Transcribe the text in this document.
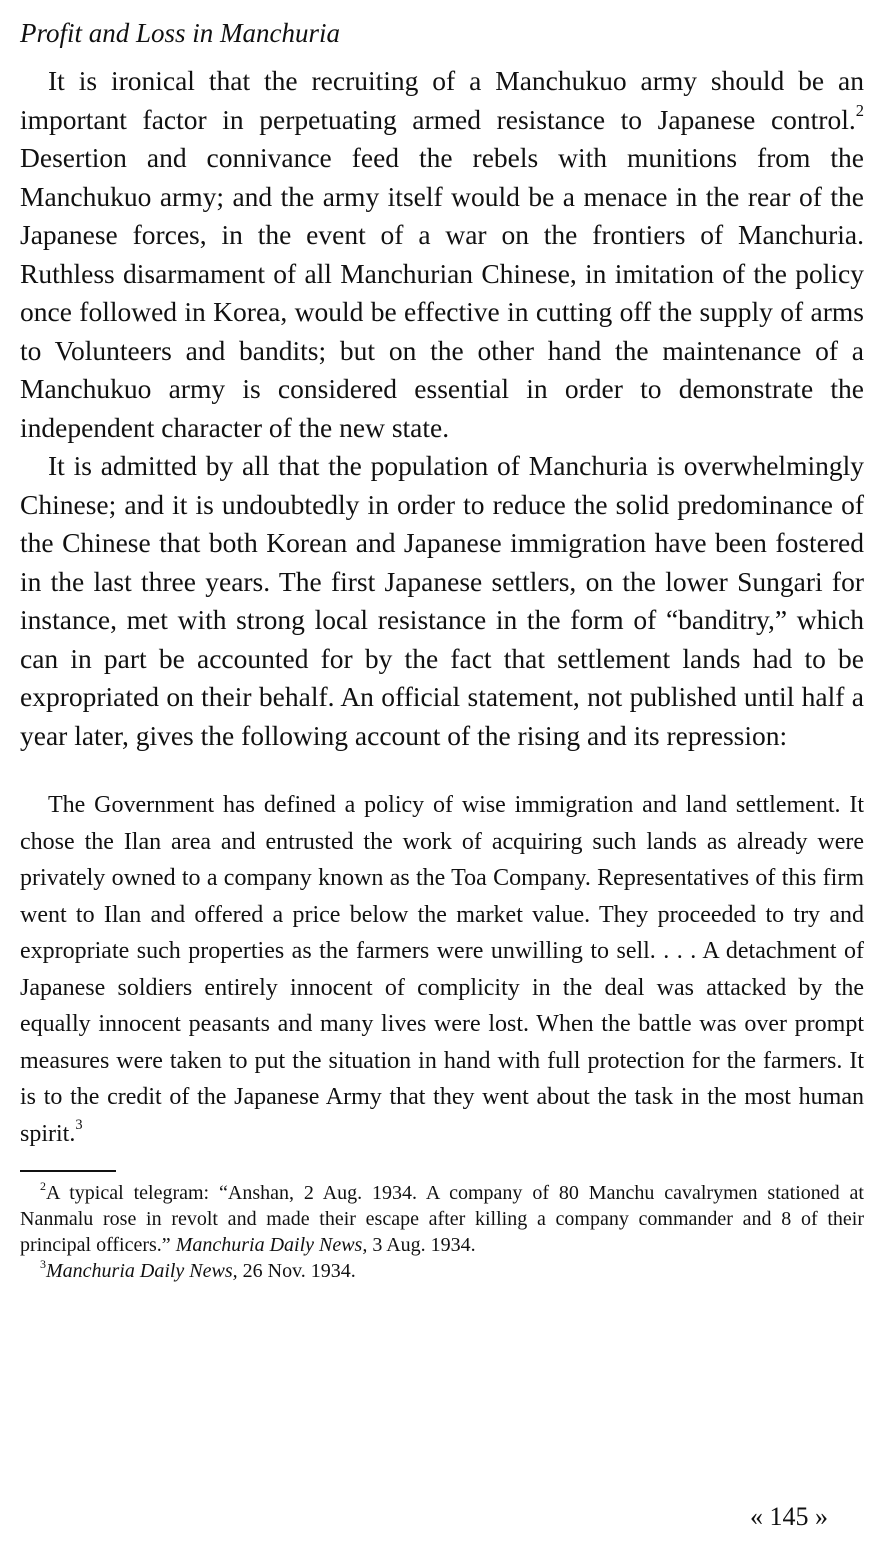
Profit and Loss in Manchuria

It is ironical that the recruiting of a Manchukuo army should be an important factor in perpetuating armed resistance to Japanese control.$^2$ Desertion and connivance feed the rebels with munitions from the Manchukuo army; and the army itself would be a menace in the rear of the Japanese forces, in the event of a war on the frontiers of Manchuria. Ruthless disarmament of all Manchurian Chinese, in imitation of the policy once followed in Korea, would be effective in cutting off the supply of arms to Volunteers and bandits; but on the other hand the maintenance of a Manchukuo army is considered essential in order to demonstrate the independent character of the new state.

It is admitted by all that the population of Manchuria is overwhelmingly Chinese; and it is undoubtedly in order to reduce the solid predominance of the Chinese that both Korean and Japanese immigration have been fostered in the last three years. The first Japanese settlers, on the lower Sungari for instance, met with strong local resistance in the form of “banditry,” which can in part be accounted for by the fact that settlement lands had to be expropriated on their behalf. An official statement, not published until half a year later, gives the following account of the rising and its repression:

The Government has defined a policy of wise immigration and land settlement. It chose the Ilan area and entrusted the work of acquiring such lands as already were privately owned to a company known as the Toa Company. Representatives of this firm went to Ilan and offered a price below the market value. They proceeded to try and expropriate such properties as the farmers were unwilling to sell. . . . A detachment of Japanese soldiers entirely innocent of complicity in the deal was attacked by the equally innocent peasants and many lives were lost. When the battle was over prompt measures were taken to put the situation in hand with full protection for the farmers. It is to the credit of the Japanese Army that they went about the task in the most human spirit.$^3$

$^2$A typical telegram: “Anshan, 2 Aug. 1934. A company of 80 Manchu cavalrymen stationed at Nanmalu rose in revolt and made their escape after killing a company commander and 8 of their principal officers.” Manchuria Daily News, 3 Aug. 1934.

$^3$Manchuria Daily News, 26 Nov. 1934.

« 145 »
